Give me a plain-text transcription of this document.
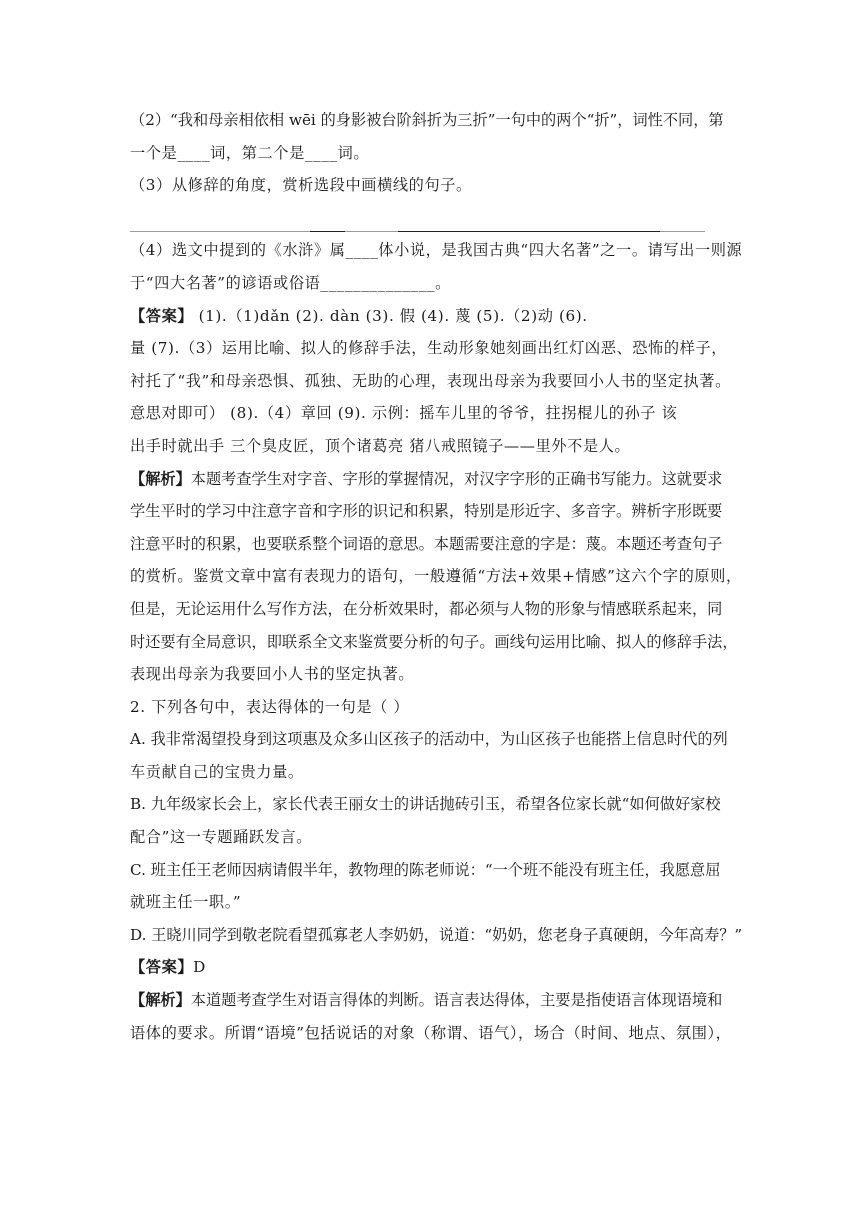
（2）“我和母亲相依相 wēi 的身影被台阶斜折为三折”一句中的两个“折”，词性不同，第
一个是____词，第二个是____词。
（3）从修辞的角度，赏析选段中画横线的句子。
（4）选文中提到的《水浒》属____体小说，是我国古典“四大名著”之一。请写出一则源
于“四大名著”的谚语或俗语______________。
【答案】 (1).（1)dǎn (2). dàn (3). 假 (4). 蔑 (5).（2)动 (6).
量 (7).（3）运用比喻、拟人的修辞手法，生动形象她刻画出红灯凶恶、恐怖的样子，
衬托了“我”和母亲恐惧、孤独、无助的心理，表现出母亲为我要回小人书的坚定执著。
意思对即可） (8).（4）章回 (9). 示例：摇车儿里的爷爷，拄拐棍儿的孙子 该
出手时就出手 三个臭皮匠，顶个诸葛亮 猪八戒照镜子——里外不是人。
【解析】本题考查学生对字音、字形的掌握情况，对汉字字形的正确书写能力。这就要求
学生平时的学习中注意字音和字形的识记和积累，特别是形近字、多音字。辨析字形既要
注意平时的积累，也要联系整个词语的意思。本题需要注意的字是：蔑。本题还考查句子
的赏析。鉴赏文章中富有表现力的语句，一般遵循“方法+效果+情感”这六个字的原则，
但是，无论运用什么写作方法，在分析效果时，都必须与人物的形象与情感联系起来，同
时还要有全局意识，即联系全文来鉴赏要分析的句子。画线句运用比喻、拟人的修辞手法，
表现出母亲为我要回小人书的坚定执著。
2. 下列各句中，表达得体的一句是（ ）
A. 我非常渴望投身到这项惠及众多山区孩子的活动中，为山区孩子也能搭上信息时代的列
车贡献自己的宝贵力量。
B. 九年级家长会上，家长代表王丽女士的讲话抛砖引玉，希望各位家长就“如何做好家校
配合”这一专题踊跃发言。
C. 班主任王老师因病请假半年，教物理的陈老师说：“一个班不能没有班主任，我愿意屈
就班主任一职。”
D. 王晓川同学到敬老院看望孤寡老人李奶奶，说道：“奶奶，您老身子真硬朗，今年高寿？”
【答案】D
【解析】本道题考查学生对语言得体的判断。语言表达得体，主要是指使语言体现语境和
语体的要求。所谓“语境”包括说话的对象（称谓、语气），场合（时间、地点、氛围），
